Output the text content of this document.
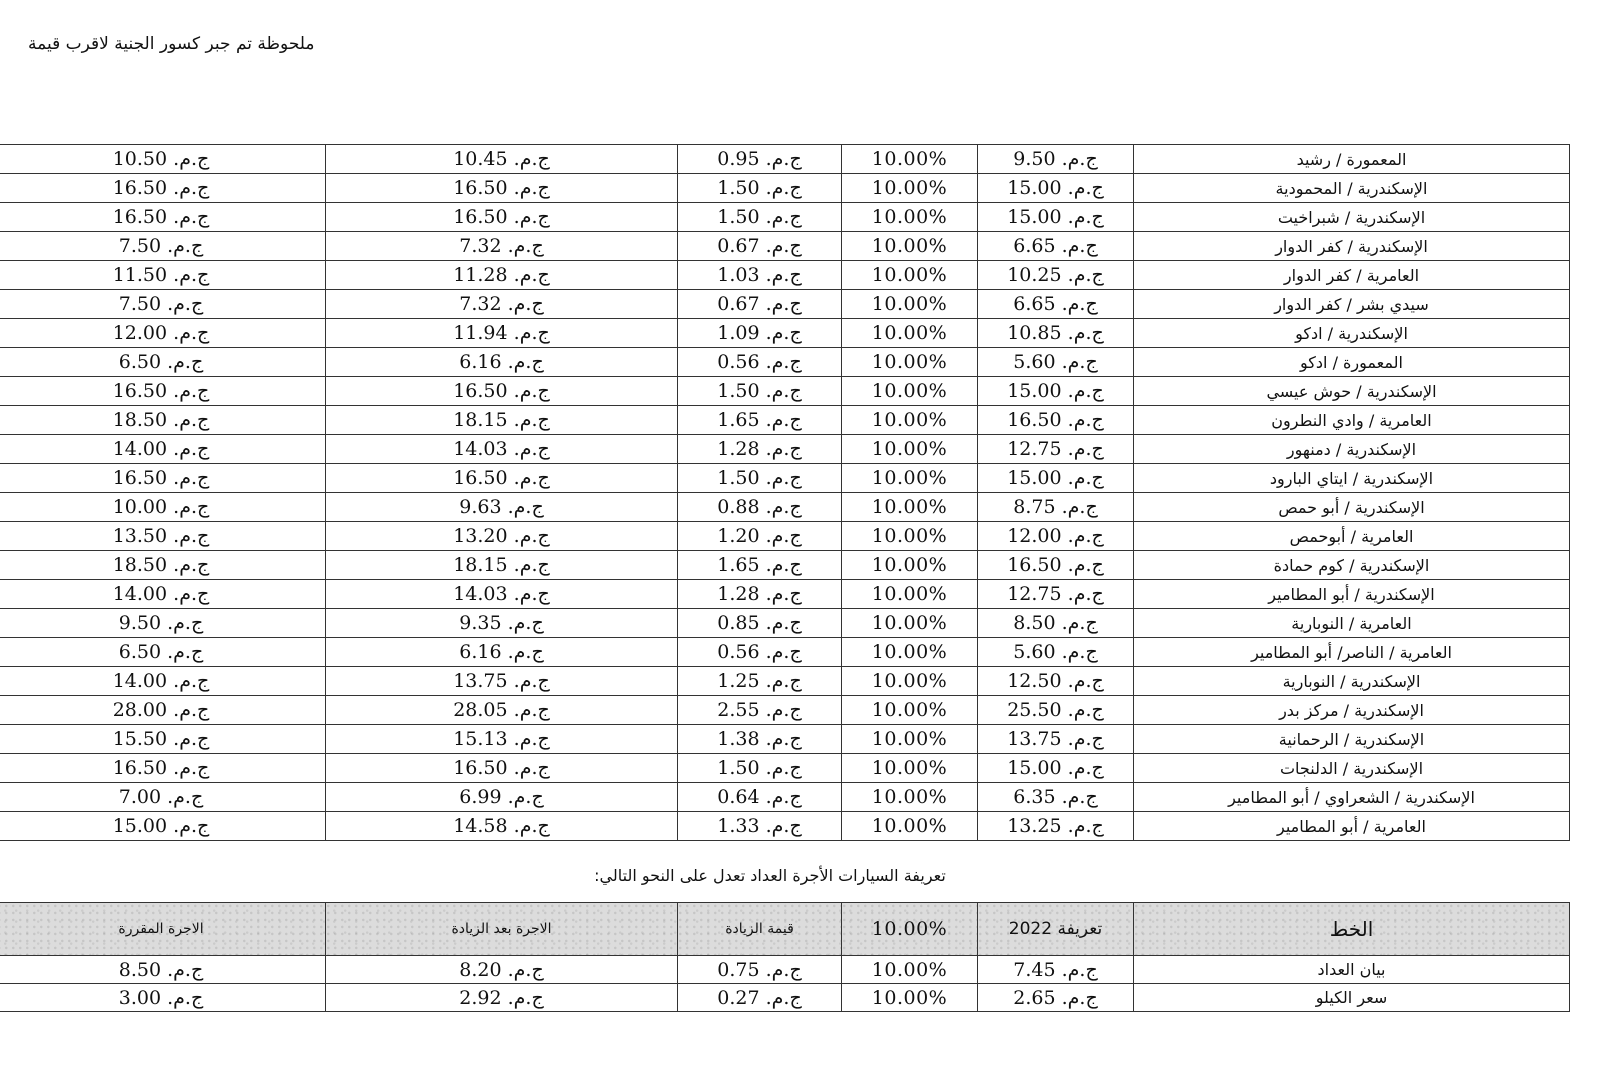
ملحوظة تم جبر كسور الجنية لاقرب قيمة
ج.م. 10.50	ج.م. 10.45	ج.م. 0.95	10.00%	ج.م. 9.50	المعمورة / رشيد
ج.م. 16.50	ج.م. 16.50	ج.م. 1.50	10.00%	ج.م. 15.00	الإسكندرية / المحمودية
ج.م. 16.50	ج.م. 16.50	ج.م. 1.50	10.00%	ج.م. 15.00	الإسكندرية / شبراخيت
ج.م. 7.50	ج.م. 7.32	ج.م. 0.67	10.00%	ج.م. 6.65	الإسكندرية / كفر الدوار
ج.م. 11.50	ج.م. 11.28	ج.م. 1.03	10.00%	ج.م. 10.25	العامرية / كفر الدوار
ج.م. 7.50	ج.م. 7.32	ج.م. 0.67	10.00%	ج.م. 6.65	سيدي بشر / كفر الدوار
ج.م. 12.00	ج.م. 11.94	ج.م. 1.09	10.00%	ج.م. 10.85	الإسكندرية / ادكو
ج.م. 6.50	ج.م. 6.16	ج.م. 0.56	10.00%	ج.م. 5.60	المعمورة / ادكو
ج.م. 16.50	ج.م. 16.50	ج.م. 1.50	10.00%	ج.م. 15.00	الإسكندرية / حوش عيسي
ج.م. 18.50	ج.م. 18.15	ج.م. 1.65	10.00%	ج.م. 16.50	العامرية / وادي النطرون
ج.م. 14.00	ج.م. 14.03	ج.م. 1.28	10.00%	ج.م. 12.75	الإسكندرية / دمنهور
ج.م. 16.50	ج.م. 16.50	ج.م. 1.50	10.00%	ج.م. 15.00	الإسكندرية / ايتاي البارود
ج.م. 10.00	ج.م. 9.63	ج.م. 0.88	10.00%	ج.م. 8.75	الإسكندرية / أبو حمص
ج.م. 13.50	ج.م. 13.20	ج.م. 1.20	10.00%	ج.م. 12.00	العامرية / أبوحمص
ج.م. 18.50	ج.م. 18.15	ج.م. 1.65	10.00%	ج.م. 16.50	الإسكندرية / كوم حمادة
ج.م. 14.00	ج.م. 14.03	ج.م. 1.28	10.00%	ج.م. 12.75	الإسكندرية / أبو المطامير
ج.م. 9.50	ج.م. 9.35	ج.م. 0.85	10.00%	ج.م. 8.50	العامرية / النوبارية
ج.م. 6.50	ج.م. 6.16	ج.م. 0.56	10.00%	ج.م. 5.60	العامرية / الناصر/ أبو المطامير
ج.م. 14.00	ج.م. 13.75	ج.م. 1.25	10.00%	ج.م. 12.50	الإسكندرية / النوبارية
ج.م. 28.00	ج.م. 28.05	ج.م. 2.55	10.00%	ج.م. 25.50	الإسكندرية / مركز بدر
ج.م. 15.50	ج.م. 15.13	ج.م. 1.38	10.00%	ج.م. 13.75	الإسكندرية / الرحمانية
ج.م. 16.50	ج.م. 16.50	ج.م. 1.50	10.00%	ج.م. 15.00	الإسكندرية / الدلنجات
ج.م. 7.00	ج.م. 6.99	ج.م. 0.64	10.00%	ج.م. 6.35	الإسكندرية / الشعراوي / أبو المطامير
ج.م. 15.00	ج.م. 14.58	ج.م. 1.33	10.00%	ج.م. 13.25	العامرية / أبو المطامير
تعريفة السيارات الأجرة العداد تعدل على النحو التالي:
الاجرة المقررة	الاجرة بعد الزيادة	قيمة الزيادة	10.00%	تعريفة 2022	الخط
ج.م. 8.50	ج.م. 8.20	ج.م. 0.75	10.00%	ج.م. 7.45	بيان العداد
ج.م. 3.00	ج.م. 2.92	ج.م. 0.27	10.00%	ج.م. 2.65	سعر الكيلو
